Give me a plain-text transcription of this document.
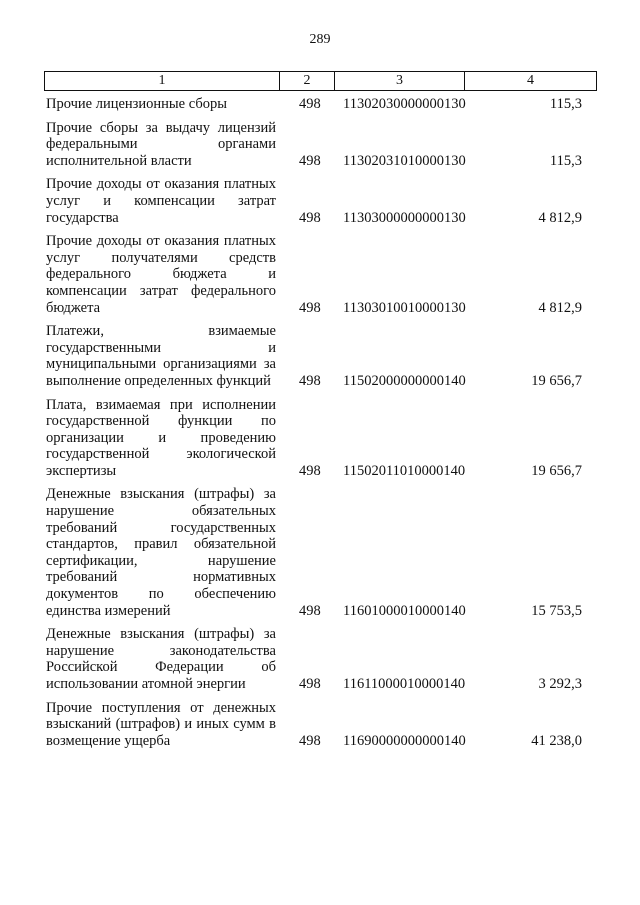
289
1	2	3	4
Прочие лицензионные сборы	498 11302030000000130	115,3
Прочие сборы за выдачу лицензий федеральными органами исполнительной власти	498 11302031010000130	115,3
Прочие доходы от оказания платных услуг и компенсации затрат государства	498 11303000000000130	4 812,9
Прочие доходы от оказания платных услуг получателями средств федерального бюджета и компенсации затрат федерального бюджета	498 11303010010000130	4 812,9
Платежи, взимаемые государственными и муниципальными организациями за выполнение определенных функций	498 11502000000000140	19 656,7
Плата, взимаемая при исполнении государственной функции по организации и проведению государственной экологической экспертизы	498 11502011010000140	19 656,7
Денежные взыскания (штрафы) за нарушение обязательных требований государственных стандартов, правил обязательной сертификации, нарушение требований нормативных документов по обеспечению единства измерений	498 11601000010000140	15 753,5
Денежные взыскания (штрафы) за нарушение законодательства Российской Федерации об использовании атомной энергии	498 11611000010000140	3 292,3
Прочие поступления от денежных взысканий (штрафов) и иных сумм в возмещение ущерба	498 11690000000000140	41 238,0
